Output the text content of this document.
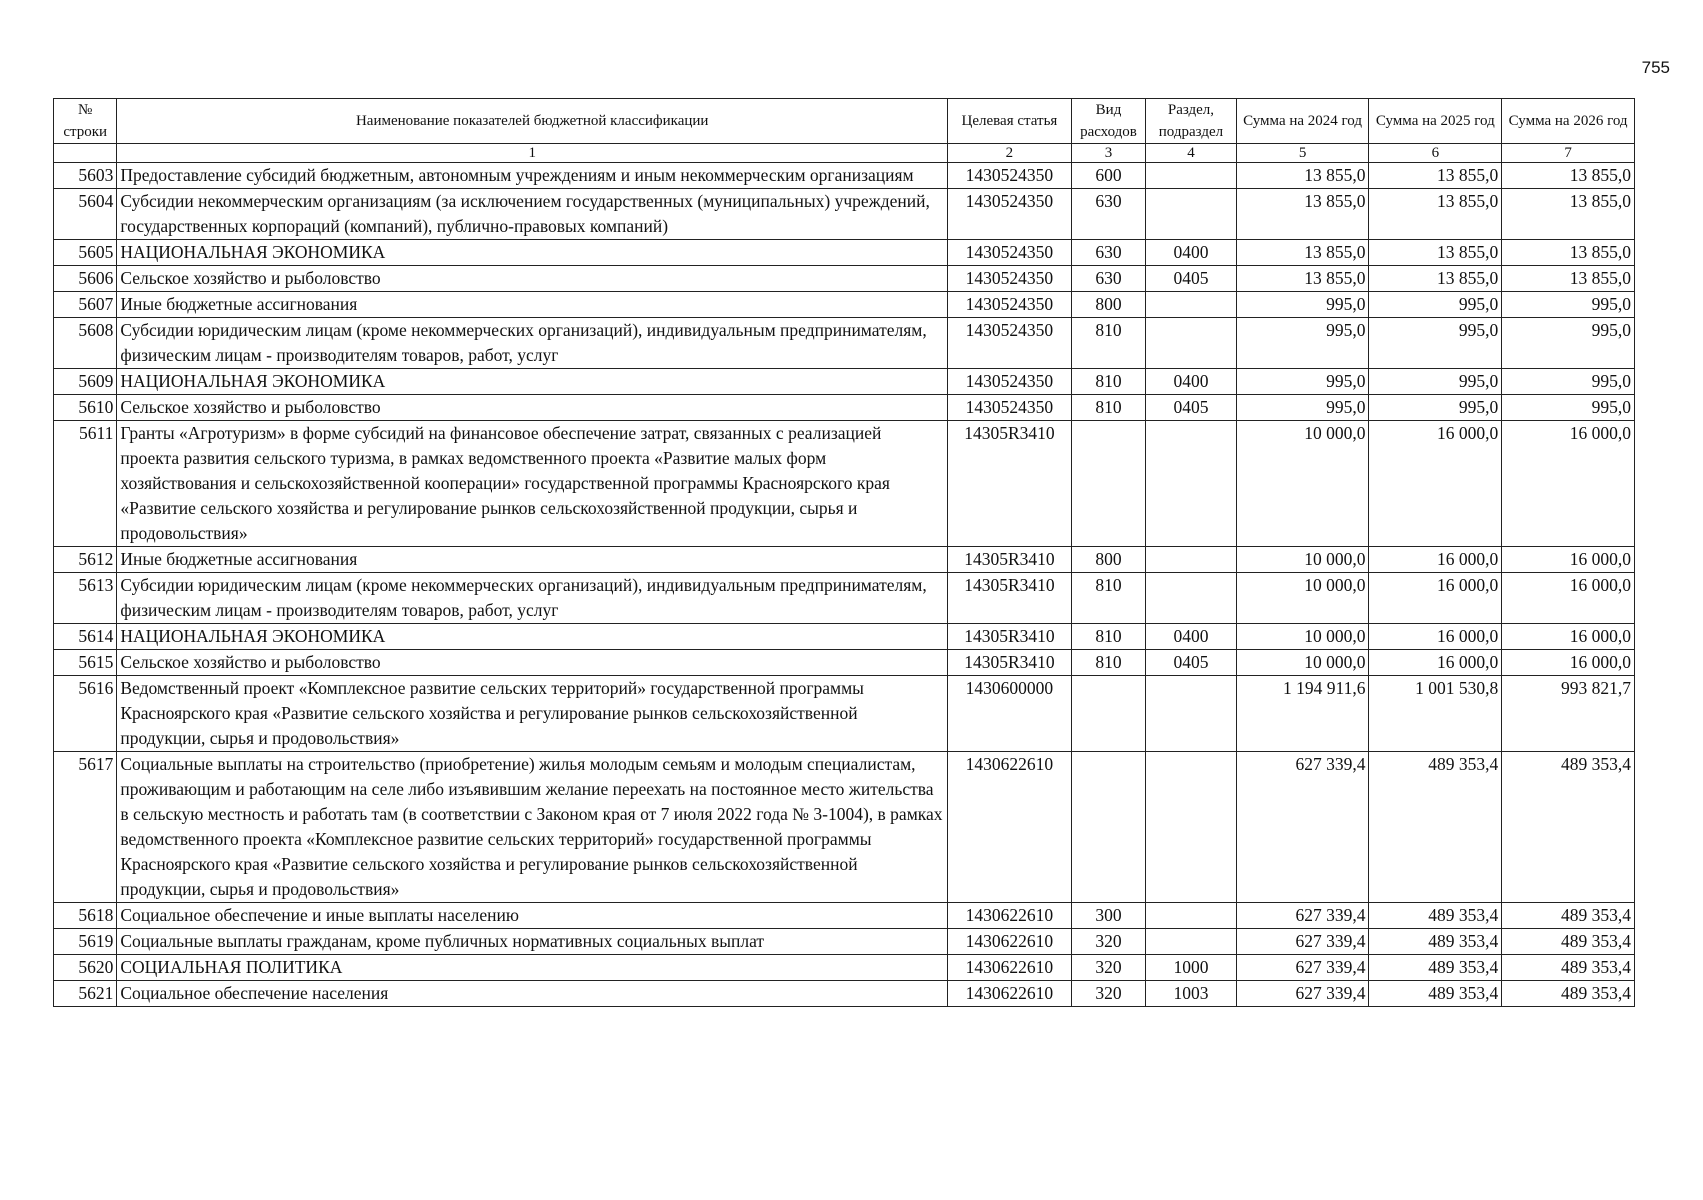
755
№ строки	Наименование показателей бюджетной классификации	Целевая статья	Вид расходов	Раздел, подраздел	Сумма на 2024 год	Сумма на 2025 год	Сумма на 2026 год
	1	2	3	4	5	6	7
5603	Предоставление субсидий бюджетным, автономным учреждениям и иным некоммерческим организациям	1430524350	600		13 855,0	13 855,0	13 855,0
5604	Субсидии некоммерческим организациям (за исключением государственных (муниципальных) учреждений, государственных корпораций (компаний), публично-правовых компаний)	1430524350	630		13 855,0	13 855,0	13 855,0
5605	НАЦИОНАЛЬНАЯ ЭКОНОМИКА	1430524350	630	0400	13 855,0	13 855,0	13 855,0
5606	Сельское хозяйство и рыболовство	1430524350	630	0405	13 855,0	13 855,0	13 855,0
5607	Иные бюджетные ассигнования	1430524350	800		995,0	995,0	995,0
5608	Субсидии юридическим лицам (кроме некоммерческих организаций), индивидуальным предпринимателям, физическим лицам - производителям товаров, работ, услуг	1430524350	810		995,0	995,0	995,0
5609	НАЦИОНАЛЬНАЯ ЭКОНОМИКА	1430524350	810	0400	995,0	995,0	995,0
5610	Сельское хозяйство и рыболовство	1430524350	810	0405	995,0	995,0	995,0
5611	Гранты «Агротуризм» в форме субсидий на финансовое обеспечение затрат, связанных с реализацией проекта развития сельского туризма, в рамках ведомственного проекта «Развитие малых форм хозяйствования и сельскохозяйственной кооперации» государственной программы Красноярского края «Развитие сельского хозяйства и регулирование рынков сельскохозяйственной продукции, сырья и продовольствия»	14305R3410			10 000,0	16 000,0	16 000,0
5612	Иные бюджетные ассигнования	14305R3410	800		10 000,0	16 000,0	16 000,0
5613	Субсидии юридическим лицам (кроме некоммерческих организаций), индивидуальным предпринимателям, физическим лицам - производителям товаров, работ, услуг	14305R3410	810		10 000,0	16 000,0	16 000,0
5614	НАЦИОНАЛЬНАЯ ЭКОНОМИКА	14305R3410	810	0400	10 000,0	16 000,0	16 000,0
5615	Сельское хозяйство и рыболовство	14305R3410	810	0405	10 000,0	16 000,0	16 000,0
5616	Ведомственный проект «Комплексное развитие сельских территорий» государственной программы Красноярского края «Развитие сельского хозяйства и регулирование рынков сельскохозяйственной продукции, сырья и продовольствия»	1430600000			1 194 911,6	1 001 530,8	993 821,7
5617	Социальные выплаты на строительство (приобретение) жилья молодым семьям и молодым специалистам, проживающим и работающим на селе либо изъявившим желание переехать на постоянное место жительства в сельскую местность и работать там (в соответствии с Законом края от 7 июля 2022 года № 3-1004), в рамках ведомственного проекта «Комплексное развитие сельских территорий» государственной программы Красноярского края «Развитие сельского хозяйства и регулирование рынков сельскохозяйственной продукции, сырья и продовольствия»	1430622610			627 339,4	489 353,4	489 353,4
5618	Социальное обеспечение и иные выплаты населению	1430622610	300		627 339,4	489 353,4	489 353,4
5619	Социальные выплаты гражданам, кроме публичных нормативных социальных выплат	1430622610	320		627 339,4	489 353,4	489 353,4
5620	СОЦИАЛЬНАЯ ПОЛИТИКА	1430622610	320	1000	627 339,4	489 353,4	489 353,4
5621	Социальное обеспечение населения	1430622610	320	1003	627 339,4	489 353,4	489 353,4
